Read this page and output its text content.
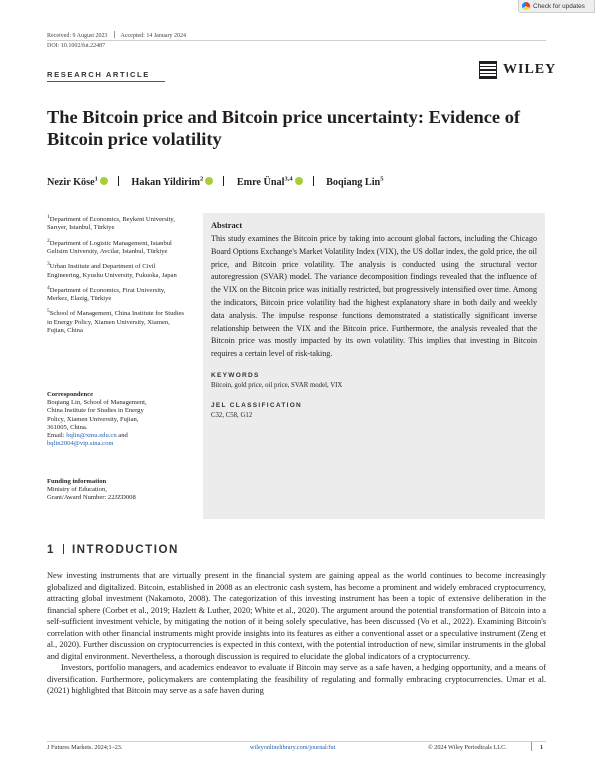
Check for updates
Received: 9 August 2023 Accepted: 14 January 2024
DOI: 10.1002/fut.22487
RESEARCH ARTICLE	WILEY
The Bitcoin price and Bitcoin price uncertainty: Evidence of Bitcoin price volatility
Nezir Köse$^1$	Hakan Yildirim$^2$	Emre Ünal$^{3,4}$	Boqiang Lin$^5$

$^1$Department of Economics, Beykent University, Sarıyer, Istanbul, Türkiye

$^2$Department of Logistic Management, Istanbul Gelisim University, Avcilar, Istanbul, Türkiye

$^3$Urban Institute and Department of Civil Engineering, Kyushu University, Fukuoka, Japan

$^4$Department of Economics, Firat University, Merkez, Elazig, Türkiye

$^5$School of Management, China Institute for Studies in Energy Policy, Xiamen University, Xiamen, Fujian, China

Correspondence

Boqiang Lin, School of Management,

China Institute for Studies in Energy

Policy, Xiamen University, Fujian,

361005, China.

Email: bqlin@xmu.edu.cn and

bqlin2004@vip.sina.com

Funding information

Ministry of Education,

Grant/Award Number: 22JZD008

Abstract

This study examines the Bitcoin price by taking into account global factors, including the Chicago Board Options Exchange's Market Volatility Index (VIX), the US dollar index, the gold price, the oil price, and Bitcoin price volatility. The analysis is conducted using the structural vector autoregression (SVAR) model. The variance decomposition findings revealed that the influence of the VIX on the Bitcoin price was initially restricted, but progressively intensified over time. Among the indicators, Bitcoin price volatility had the highest explanatory share in both daily and weekly data analysis. The impulse response functions demonstrated a statistically significant inverse relationship between the VIX and the Bitcoin price. Furthermore, the analysis revealed that the Bitcoin price was mostly impacted by its own volatility. This implies that investing in Bitcoin requires a certain level of risk-taking.

KEYWORDS
Bitcoin, gold price, oil price, SVAR model, VIX
JEL CLASSIFICATION
C32, C58, G12
1 INTRODUCTION

New investing instruments that are virtually present in the financial system are gaining appeal as the world continues to become increasingly globalized and digitalized. Bitcoin, established in 2008 as an electronic cash system, has become a prominent and widely embraced cryptocurrency, attracting global investment (Nakamoto, 2008). The categorization of this investing instrument has been a topic of extensive deliberation in the financial sphere (Corbet et al., 2019; Hazlett & Luther, 2020; White et al., 2020). The argument around the potential transformation of Bitcoin into a self-sufficient investment vehicle, by mitigating the notion of it being solely speculative, has been discussed (Vo et al., 2022). Examining Bitcoin's correlation with other financial instruments might provide insights into its features as either a conventional asset or a speculative instrument (Zeng et al., 2020). Further discussion on cryptocurrencies is expected in this context, with the potential introduction of new, similar instruments in the global and digital environment. Nevertheless, a thorough discussion is required to elucidate the global indicators of a cryptocurrency.

Investors, portfolio managers, and academics endeavor to evaluate if Bitcoin may serve as a safe haven, a hedging opportunity, and a means of diversification. Furthermore, policymakers are contemplating the feasibility of regulating and formally embracing cryptocurrencies. Umar et al. (2021) highlighted that Bitcoin may serve as a safe haven during

J Futures Markets. 2024;1–23.	wileyonlinelibrary.com/journal/fut	© 2024 Wiley Periodicals LLC.	1
